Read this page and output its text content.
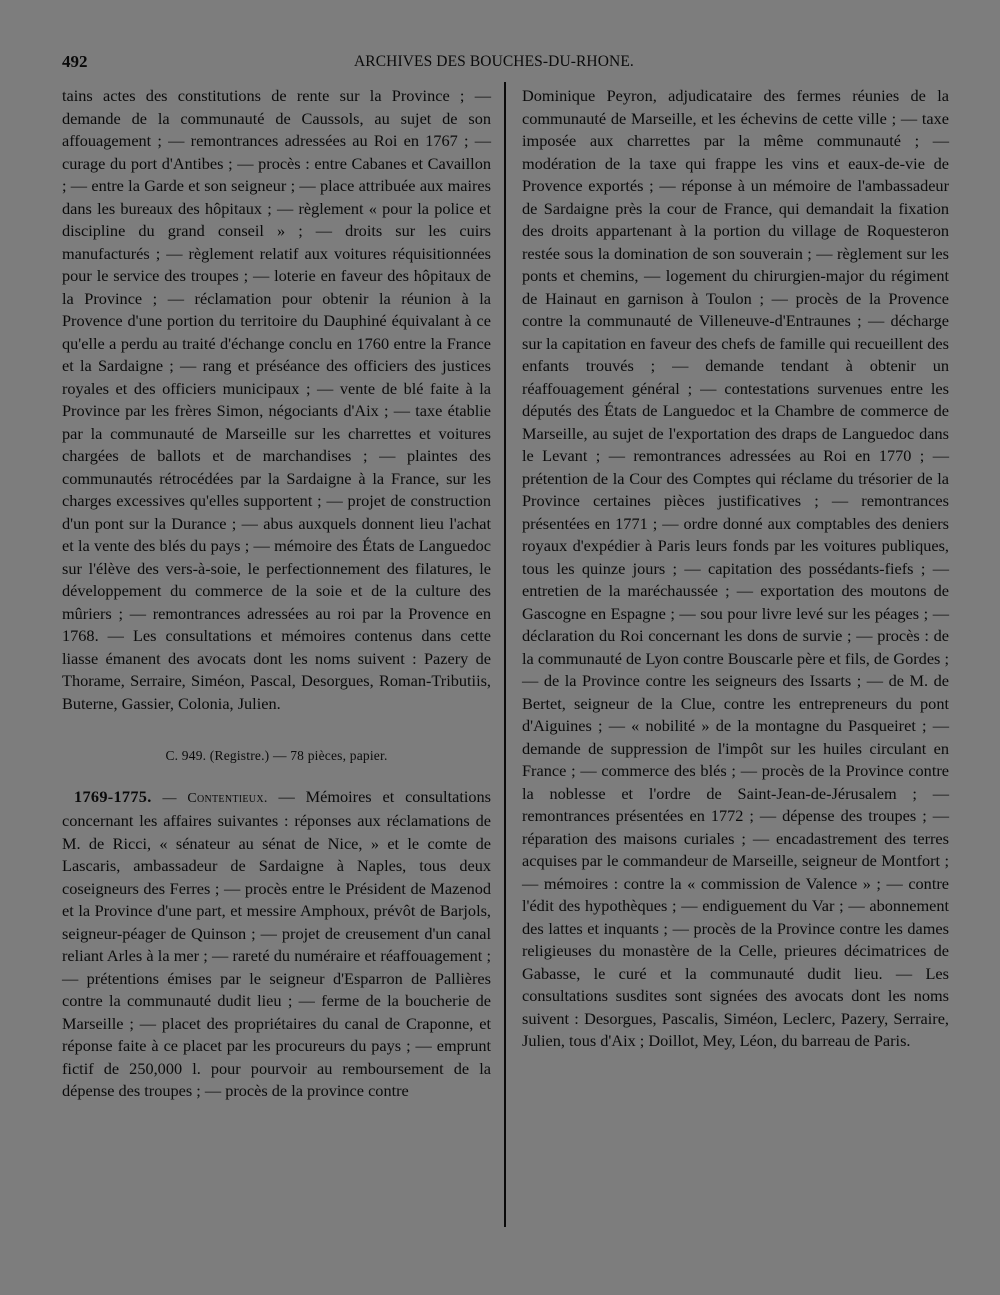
492	ARCHIVES DES BOUCHES-DU-RHONE.

tains actes des constitutions de rente sur la Province ; — demande de la communauté de Caussols, au sujet de son affouagement ; — remontrances adressées au Roi en 1767 ; — curage du port d'Antibes ; — procès : entre Cabanes et Cavaillon ; — entre la Garde et son seigneur ; — place attribuée aux maires dans les bureaux des hôpitaux ; — règlement « pour la police et discipline du grand conseil » ; — droits sur les cuirs manufacturés ; — règlement relatif aux voitures réquisitionnées pour le service des troupes ; — loterie en faveur des hôpitaux de la Province ; — réclamation pour obtenir la réunion à la Provence d'une portion du territoire du Dauphiné équivalant à ce qu'elle a perdu au traité d'échange conclu en 1760 entre la France et la Sardaigne ; — rang et préséance des officiers des justices royales et des officiers municipaux ; — vente de blé faite à la Province par les frères Simon, négociants d'Aix ; — taxe établie par la communauté de Marseille sur les charrettes et voitures chargées de ballots et de marchandises ; — plaintes des communautés rétrocédées par la Sardaigne à la France, sur les charges excessives qu'elles supportent ; — projet de construction d'un pont sur la Durance ; — abus auxquels donnent lieu l'achat et la vente des blés du pays ; — mémoire des États de Languedoc sur l'élève des vers-à-soie, le perfectionnement des filatures, le développement du commerce de la soie et de la culture des mûriers ; — remontrances adressées au roi par la Provence en 1768. — Les consultations et mémoires contenus dans cette liasse émanent des avocats dont les noms suivent : Pazery de Thorame, Serraire, Siméon, Pascal, Desorgues, Roman-Tributiis, Buterne, Gassier, Colonia, Julien.

C. 949. (Registre.) — 78 pièces, papier.

1769-1775. — Contentieux. — Mémoires et consultations concernant les affaires suivantes : réponses aux réclamations de M. de Ricci, « sénateur au sénat de Nice, » et le comte de Lascaris, ambassadeur de Sardaigne à Naples, tous deux coseigneurs des Ferres ; — procès entre le Président de Mazenod et la Province d'une part, et messire Amphoux, prévôt de Barjols, seigneur-péager de Quinson ; — projet de creusement d'un canal reliant Arles à la mer ; — rareté du numéraire et réaffouagement ; — prétentions émises par le seigneur d'Esparron de Pallières contre la communauté dudit lieu ; — ferme de la boucherie de Marseille ; — placet des propriétaires du canal de Craponne, et réponse faite à ce placet par les procureurs du pays ; — emprunt fictif de 250,000 l. pour pourvoir au remboursement de la dépense des troupes ; — procès de la province contre

Dominique Peyron, adjudicataire des fermes réunies de la communauté de Marseille, et les échevins de cette ville ; — taxe imposée aux charrettes par la même communauté ; — modération de la taxe qui frappe les vins et eaux-de-vie de Provence exportés ; — réponse à un mémoire de l'ambassadeur de Sardaigne près la cour de France, qui demandait la fixation des droits appartenant à la portion du village de Roquesteron restée sous la domination de son souverain ; — règlement sur les ponts et chemins, — logement du chirurgien-major du régiment de Hainaut en garnison à Toulon ; — procès de la Provence contre la communauté de Villeneuve-d'Entraunes ; — décharge sur la capitation en faveur des chefs de famille qui recueillent des enfants trouvés ; — demande tendant à obtenir un réaffouagement général ; — contestations survenues entre les députés des États de Languedoc et la Chambre de commerce de Marseille, au sujet de l'exportation des draps de Languedoc dans le Levant ; — remontrances adressées au Roi en 1770 ; — prétention de la Cour des Comptes qui réclame du trésorier de la Province certaines pièces justificatives ; — remontrances présentées en 1771 ; — ordre donné aux comptables des deniers royaux d'expédier à Paris leurs fonds par les voitures publiques, tous les quinze jours ; — capitation des possédants-fiefs ; — entretien de la maréchaussée ; — exportation des moutons de Gascogne en Espagne ; — sou pour livre levé sur les péages ; — déclaration du Roi concernant les dons de survie ; — procès : de la communauté de Lyon contre Bouscarle père et fils, de Gordes ; — de la Province contre les seigneurs des Issarts ; — de M. de Bertet, seigneur de la Clue, contre les entrepreneurs du pont d'Aiguines ; — « nobilité » de la montagne du Pasqueiret ; — demande de suppression de l'impôt sur les huiles circulant en France ; — commerce des blés ; — procès de la Province contre la noblesse et l'ordre de Saint-Jean-de-Jérusalem ; — remontrances présentées en 1772 ; — dépense des troupes ; — réparation des maisons curiales ; — encadastrement des terres acquises par le commandeur de Marseille, seigneur de Montfort ; — mémoires : contre la « commission de Valence » ; — contre l'édit des hypothèques ; — endiguement du Var ; — abonnement des lattes et inquants ; — procès de la Province contre les dames religieuses du monastère de la Celle, prieures décimatrices de Gabasse, le curé et la communauté dudit lieu. — Les consultations susdites sont signées des avocats dont les noms suivent : Desorgues, Pascalis, Siméon, Leclerc, Pazery, Serraire, Julien, tous d'Aix ; Doillot, Mey, Léon, du barreau de Paris.
